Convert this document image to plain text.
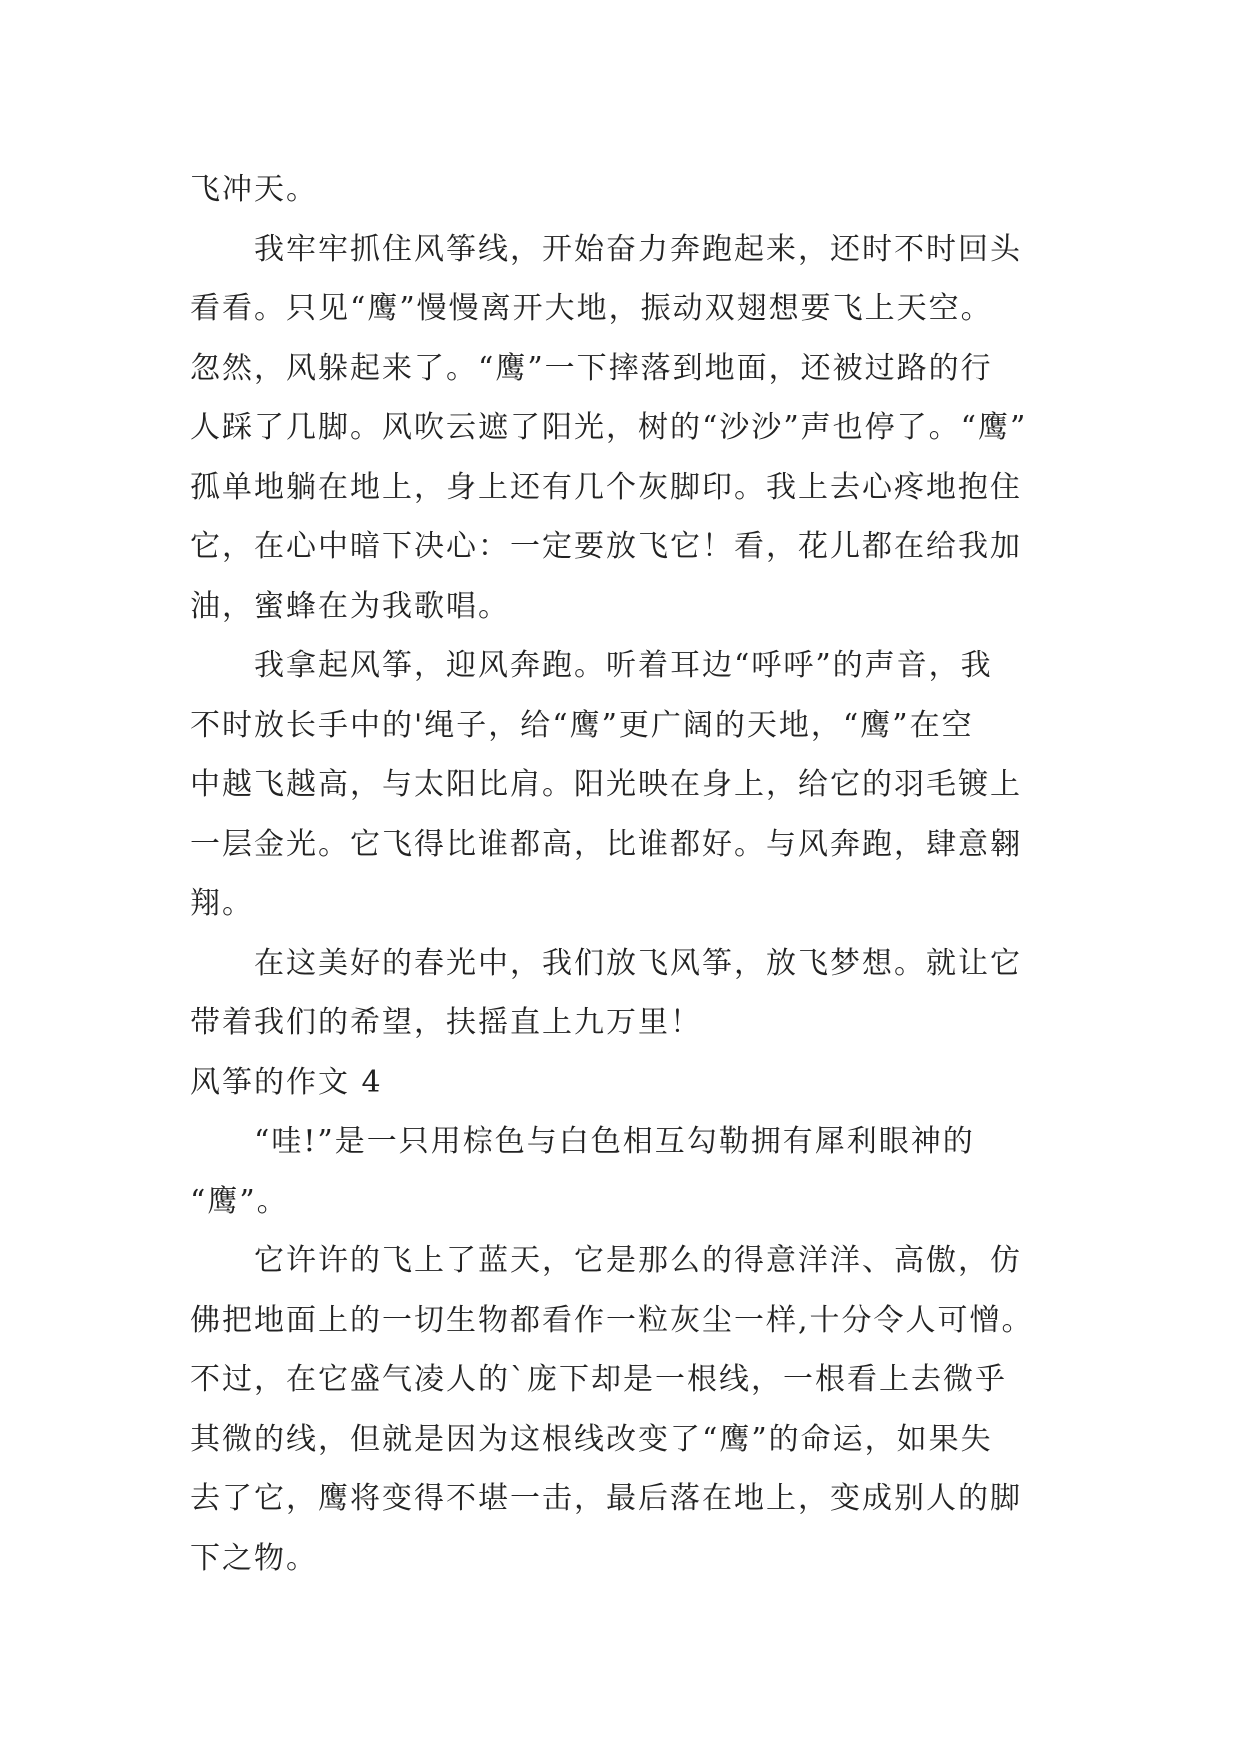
飞冲天。
　　我牢牢抓住风筝线，开始奋力奔跑起来，还时不时回头
看看。只见“鹰”慢慢离开大地，振动双翅想要飞上天空。
忽然，风躲起来了。“鹰”一下摔落到地面，还被过路的行
人踩了几脚。风吹云遮了阳光，树的“沙沙”声也停了。“鹰”
孤单地躺在地上，身上还有几个灰脚印。我上去心疼地抱住
它，在心中暗下决心：一定要放飞它！看，花儿都在给我加
油，蜜蜂在为我歌唱。
　　我拿起风筝，迎风奔跑。听着耳边“呼呼”的声音，我
不时放长手中的'绳子，给“鹰”更广阔的天地，“鹰”在空
中越飞越高，与太阳比肩。阳光映在身上，给它的羽毛镀上
一层金光。它飞得比谁都高，比谁都好。与风奔跑，肆意翱
翔。
　　在这美好的春光中，我们放飞风筝，放飞梦想。就让它
带着我们的希望，扶摇直上九万里！
风筝的作文 4
　　“哇!”是一只用棕色与白色相互勾勒拥有犀利眼神的
“鹰”。
　　它许许的飞上了蓝天，它是那么的得意洋洋、高傲，仿
佛把地面上的一切生物都看作一粒灰尘一样,十分令人可憎。
不过，在它盛气凌人的`庞下却是一根线，一根看上去微乎
其微的线，但就是因为这根线改变了“鹰”的命运，如果失
去了它，鹰将变得不堪一击，最后落在地上，变成别人的脚
下之物。
